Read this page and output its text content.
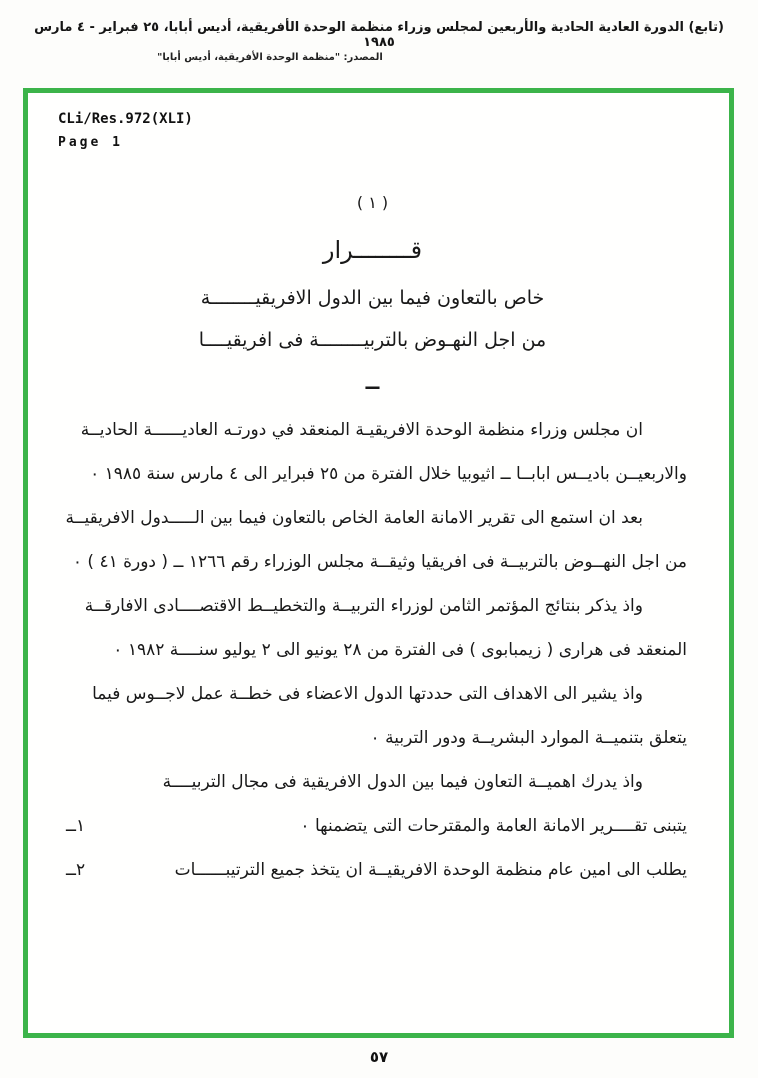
(تابع) الدورة العادية الحادية والأربعين لمجلس وزراء منظمة الوحدة الأفريقية، أديس أبابا، ٢٥ فبراير - ٤ مارس ١٩٨٥
المصدر: "منظمة الوحدة الأفريقية، أديس أبابا"
CLi/Res.972(XLI)
Page 1
( ١ )
قــــــــرار
خاص بالتعاون فيما بين الدول الافريقيــــــــة
من اجل النهـوض بالتربيــــــــة فى افريقيــــا
ــ

ان مجلس وزراء منظمة الوحدة الافريقيـة المنعقد في دورتـه العاديــــــة الحاديــة والاربعيــن باديــس ابابــا ــ اثيوبيا خلال الفترة من ٢٥ فبراير الى ٤ مارس سنة ١٩٨٥ ٠

بعد ان استمع الى تقرير الامانة العامة الخاص بالتعاون فيما بين الـــــدول الافريقيــة من اجل النهــوض بالتربيــة فى افريقيا وثيقــة مجلس الوزراء رقم ١٢٦٦ ــ ( دورة ٤١ ) ٠

واذ يذكر بنتائج المؤتمر الثامن لوزراء التربيــة والتخطيــط الاقتصــــادى الافارقــة المنعقد فى هرارى ( زيمبابوى ) فى الفترة من ٢٨ يونيو الى ٢ يوليو سنــــة ١٩٨٢ ٠

واذ يشير الى الاهداف التى حددتها الدول الاعضاء فى خطــة عمل لاجــوس فيما يتعلق بتنميــة الموارد البشريــة ودور التربية ٠

واذ يدرك اهميــة التعاون فيما بين الدول الافريقية فى مجال التربيــــة

١ــ	يتبنى تقــــرير الامانة العامة والمقترحات التى يتضمنها ٠
٢ــ	يطلب الى امين عام منظمة الوحدة الافريقيــة ان يتخذ جميع الترتيبــــــات
٥٧
